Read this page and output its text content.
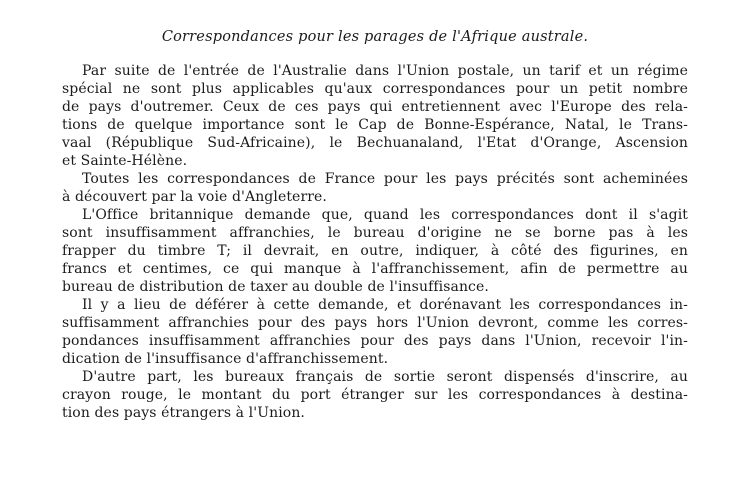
Correspondances pour les parages de l'Afrique australe.
Par suite de l'entrée de l'Australie dans l'Union postale, un tarif et un régime
spécial ne sont plus applicables qu'aux correspondances pour un petit nombre
de pays d'outremer. Ceux de ces pays qui entretiennent avec l'Europe des rela-
tions de quelque importance sont le Cap de Bonne-Espérance, Natal, le Trans-
vaal (République Sud-Africaine), le Bechuanaland, l'Etat d'Orange, Ascension
et Sainte-Hélène.
Toutes les correspondances de France pour les pays précités sont acheminées
à découvert par la voie d'Angleterre.
L'Office britannique demande que, quand les correspondances dont il s'agit
sont insuffisamment affranchies, le bureau d'origine ne se borne pas à les
frapper du timbre T; il devrait, en outre, indiquer, à côté des figurines, en
francs et centimes, ce qui manque à l'affranchissement, afin de permettre au
bureau de distribution de taxer au double de l'insuffisance.
Il y a lieu de déférer à cette demande, et dorénavant les correspondances in-
suffisamment affranchies pour des pays hors l'Union devront, comme les corres-
pondances insuffisamment affranchies pour des pays dans l'Union, recevoir l'in-
dication de l'insuffisance d'affranchissement.
D'autre part, les bureaux français de sortie seront dispensés d'inscrire, au
crayon rouge, le montant du port étranger sur les correspondances à destina-
tion des pays étrangers à l'Union.
